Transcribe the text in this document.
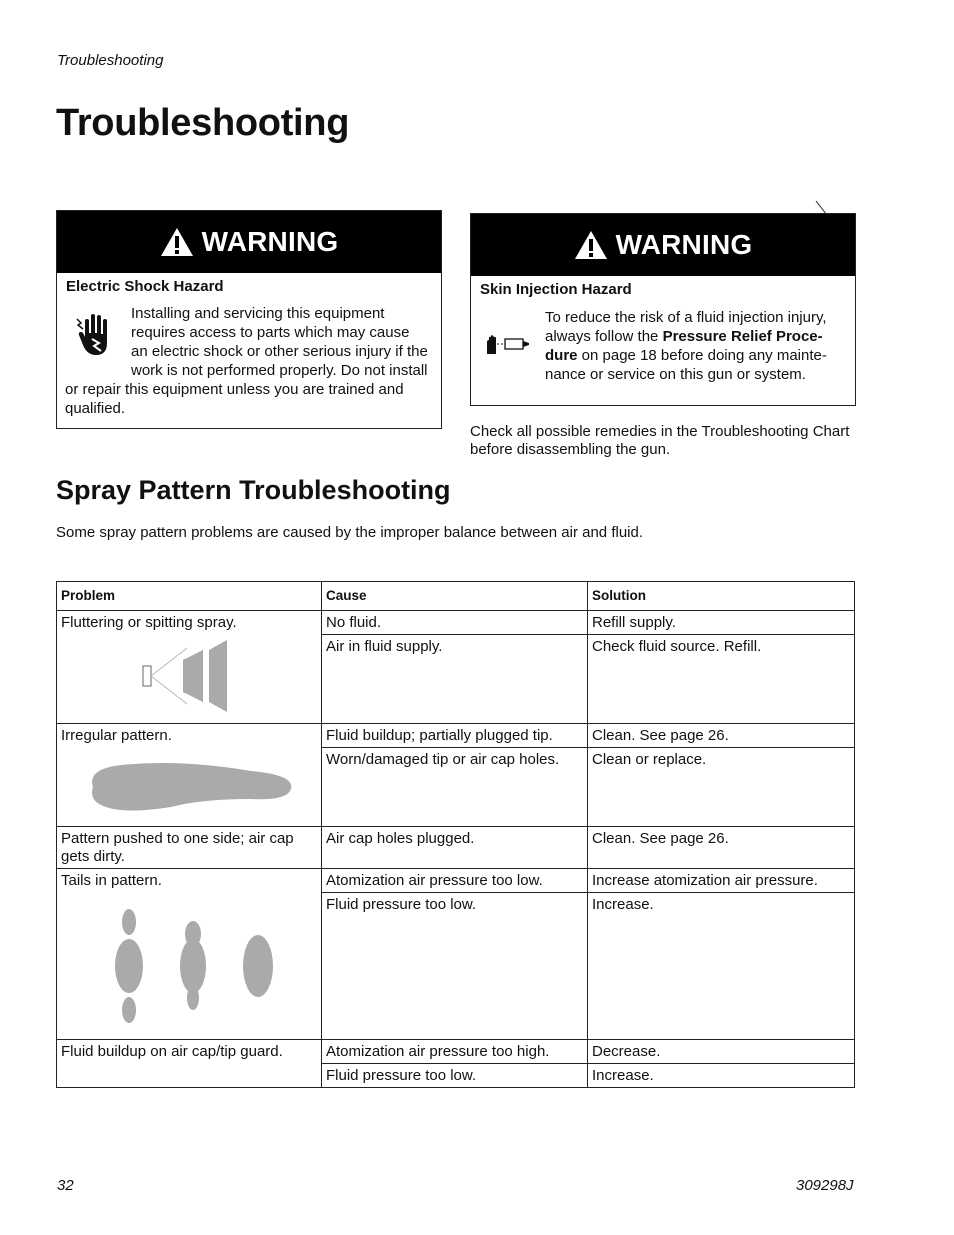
Troubleshooting
Troubleshooting
WARNING
Electric Shock Hazard
Installing and servicing this equipment requires access to parts which may cause an electric shock or other serious injury if the work is not performed properly. Do not install or repair this equipment unless you are trained and qualified.
WARNING
Skin Injection Hazard
To reduce the risk of a fluid injection injury, always follow the Pressure Relief Proce-dure on page 18 before doing any mainte-nance or service on this gun or system.
Check all possible remedies in the Troubleshooting Chart before disassembling the gun.
Spray Pattern Troubleshooting
Some spray pattern problems are caused by the improper balance between air and fluid.
Problem	Cause	Solution

Fluttering or spitting spray.	No fluid.	Refill supply.
	Air in fluid supply.	Check fluid source. Refill.

Irregular pattern.	Fluid buildup; partially plugged tip.	Clean. See page 26.
	Worn/damaged tip or air cap holes.	Clean or replace.
Pattern pushed to one side; air cap gets dirty.	Air cap holes plugged.	Clean. See page 26.

Tails in pattern.	Atomization air pressure too low.	Increase atomization air pressure.
	Fluid pressure too low.	Increase.
Fluid buildup on air cap/tip guard.	Atomization air pressure too high.	Decrease.
	Fluid pressure too low.	Increase.
32	309298J
